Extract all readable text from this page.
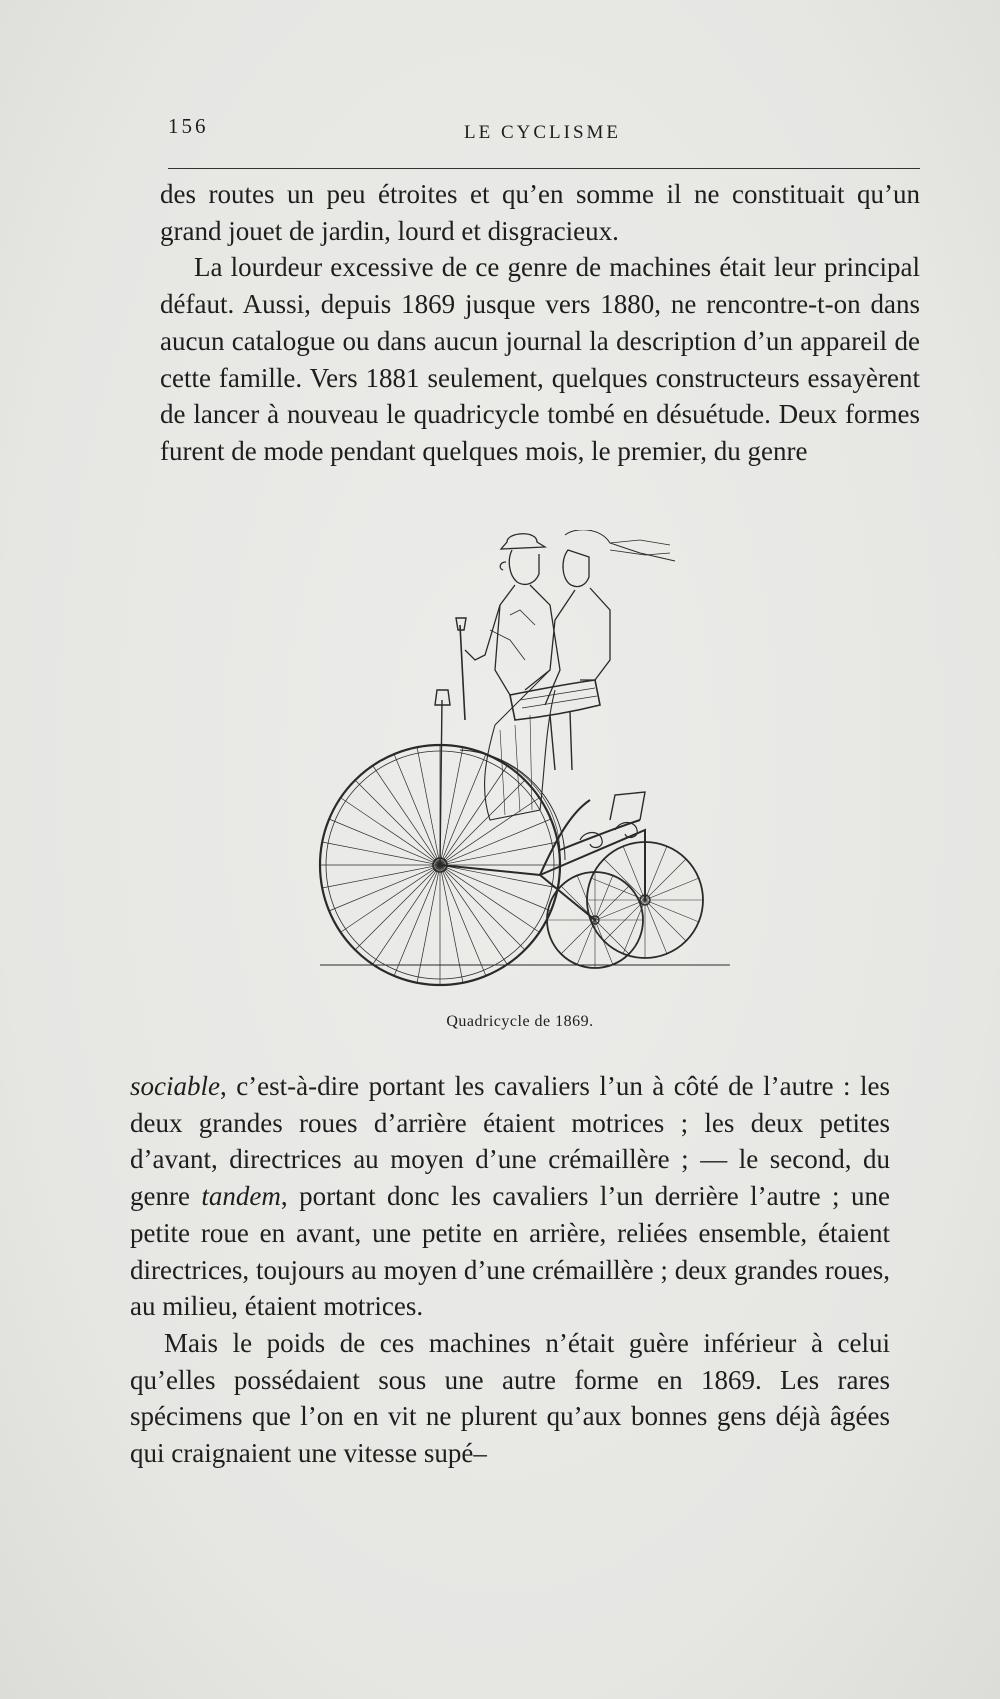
156	LE CYCLISME

des routes un peu étroites et qu’en somme il ne constituait qu’un grand jouet de jardin, lourd et disgracieux.

La lourdeur excessive de ce genre de machines était leur principal défaut. Aussi, depuis 1869 jusque vers 1880, ne rencontre-t-on dans aucun catalogue ou dans aucun journal la description d’un appareil de cette famille. Vers 1881 seulement, quelques constructeurs essayèrent de lancer à nouveau le quadricycle tombé en désuétude. Deux formes furent de mode pendant quelques mois, le premier, du genre

Quadricycle de 1869.

sociable, c’est-à-dire portant les cavaliers l’un à côté de l’autre : les deux grandes roues d’arrière étaient motrices ; les deux petites d’avant, directrices au moyen d’une crémaillère ; — le second, du genre tandem, portant donc les cavaliers l’un derrière l’autre ; une petite roue en avant, une petite en arrière, reliées ensemble, étaient directrices, toujours au moyen d’une crémaillère ; deux grandes roues, au milieu, étaient motrices.

Mais le poids de ces machines n’était guère inférieur à celui qu’elles possédaient sous une autre forme en 1869. Les rares spécimens que l’on en vit ne plurent qu’aux bonnes gens déjà âgées qui craignaient une vitesse supé–
